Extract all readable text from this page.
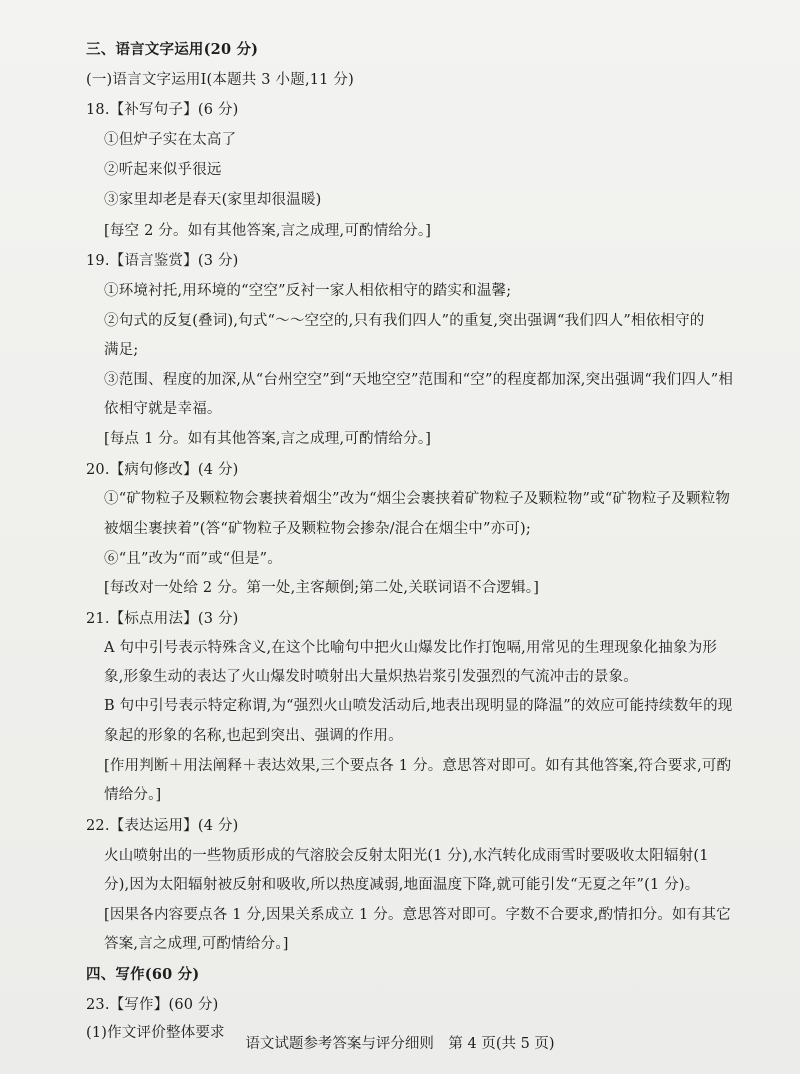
三、语言文字运用(20 分)
(一)语言文字运用Ⅰ(本题共 3 小题,11 分)
18.【补写句子】(6 分)
①但炉子实在太高了
②听起来似乎很远
③家里却老是春天(家里却很温暖)
[每空 2 分。如有其他答案,言之成理,可酌情给分。]
19.【语言鉴赏】(3 分)
①环境衬托,用环境的“空空”反衬一家人相依相守的踏实和温馨;
②句式的反复(叠词),句式“～～空空的,只有我们四人”的重复,突出强调“我们四人”相依相守的
满足;
③范围、程度的加深,从“台州空空”到“天地空空”范围和“空”的程度都加深,突出强调“我们四人”相
依相守就是幸福。
[每点 1 分。如有其他答案,言之成理,可酌情给分。]
20.【病句修改】(4 分)
①“矿物粒子及颗粒物会裹挟着烟尘”改为“烟尘会裹挟着矿物粒子及颗粒物”或“矿物粒子及颗粒物
被烟尘裹挟着”(答“矿物粒子及颗粒物会掺杂/混合在烟尘中”亦可);
⑥“且”改为“而”或“但是”。
[每改对一处给 2 分。第一处,主客颠倒;第二处,关联词语不合逻辑。]
21.【标点用法】(3 分)
A 句中引号表示特殊含义,在这个比喻句中把火山爆发比作打饱嗝,用常见的生理现象化抽象为形
象,形象生动的表达了火山爆发时喷射出大量炽热岩浆引发强烈的气流冲击的景象。
B 句中引号表示特定称谓,为“强烈火山喷发活动后,地表出现明显的降温”的效应可能持续数年的现
象起的形象的名称,也起到突出、强调的作用。
[作用判断＋用法阐释＋表达效果,三个要点各 1 分。意思答对即可。如有其他答案,符合要求,可酌
情给分。]
22.【表达运用】(4 分)
火山喷射出的一些物质形成的气溶胶会反射太阳光(1 分),水汽转化成雨雪时要吸收太阳辐射(1
分),因为太阳辐射被反射和吸收,所以热度减弱,地面温度下降,就可能引发“无夏之年”(1 分)。
[因果各内容要点各 1 分,因果关系成立 1 分。意思答对即可。字数不合要求,酌情扣分。如有其它
答案,言之成理,可酌情给分。]
四、写作(60 分)
23.【写作】(60 分)
(1)作文评价整体要求
语文试题参考答案与评分细则　第 4 页(共 5 页)
